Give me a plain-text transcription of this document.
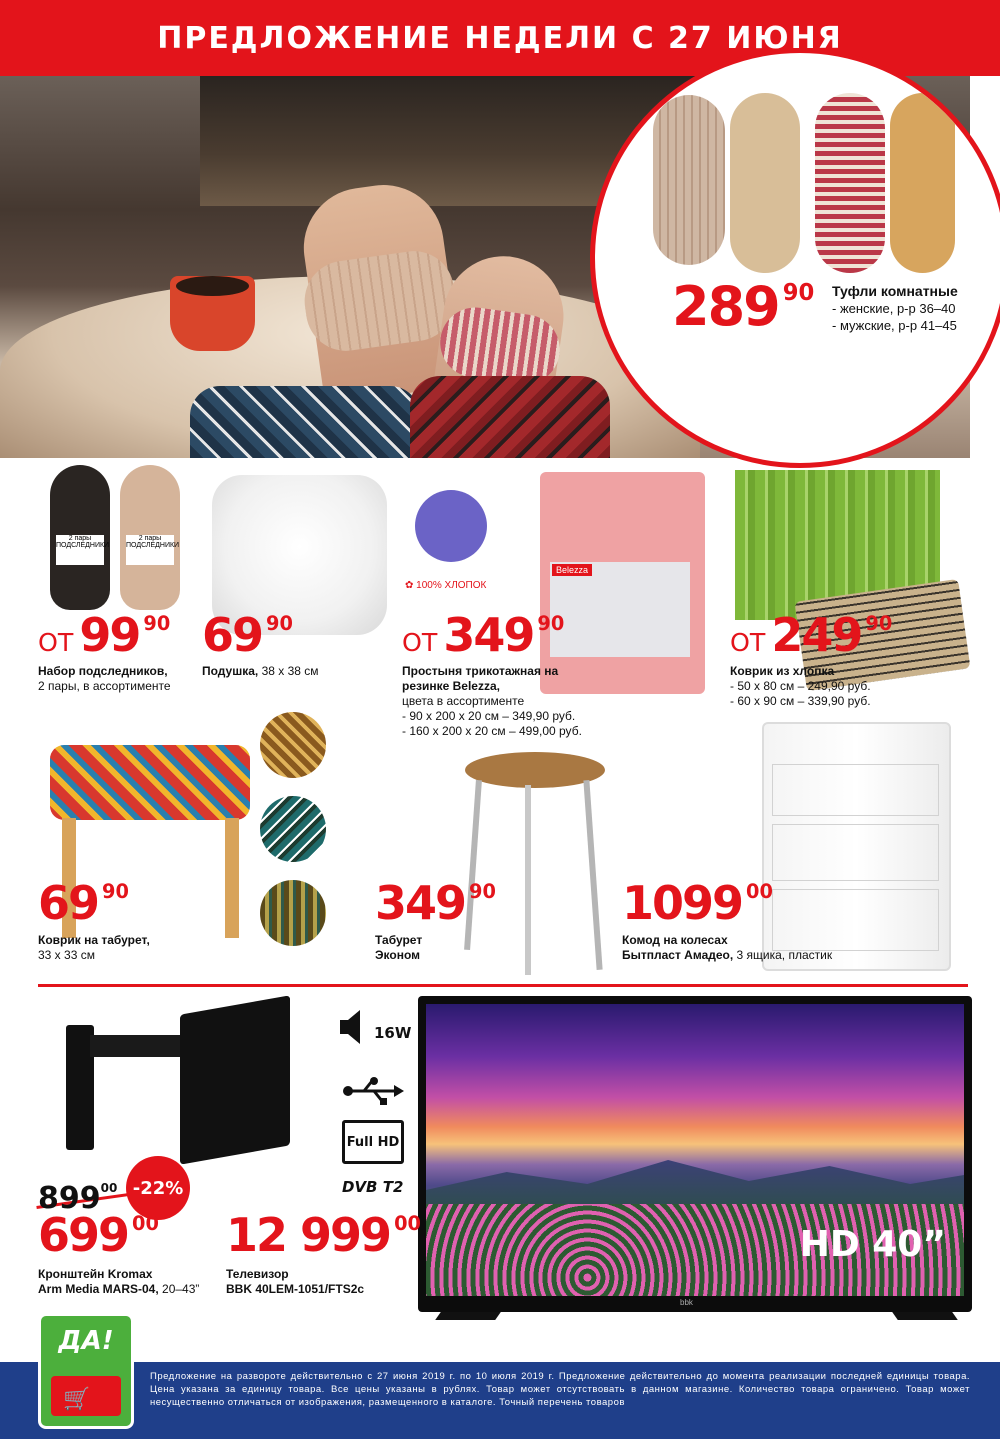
ПРЕДЛОЖЕНИЕ НЕДЕЛИ С 27 ИЮНЯ
289 $^{90}$ Туфли комнатные
- женские, р-р 36–40
- мужские, р-р 41–45
2 пары ПОДСЛЕДНИКИ
2 пары ПОДСЛЕДНИКИ
ОТ 99 $^{90}$
Набор подследников,
2 пары, в ассортименте
69 $^{90}$
Подушка, 38 х 38 см
✿ 100% ХЛОПОК
Belezza
ОТ 349 $^{90}$
Простыня трикотажная на резинке Belezza,
цвета в ассортименте
- 90 х 200 х 20 см – 349,90 руб.
- 160 х 200 х 20 см – 499,00 руб.
ОТ 249 $^{90}$
Коврик из хлопка
- 50 х 80 см – 249,90 руб.
- 60 х 90 см – 339,90 руб.
69 $^{90}$
Коврик на табурет,
33 х 33 см
349 $^{90}$
Табурет
Эконом
1099 $^{00}$
Комод на колесах
Бытпласт Амадео, 3 ящика, пластик
$899^{00}$ -22%
699 $^{00}$
Кронштейн Kromax
Arm Media MARS-04, 20–43”
16W
Full HD
DVB T2
HD 40”
bbk
12 999 $^{00}$
Телевизор
BBK 40LEM-1051/FTS2c
Предложение на развороте действительно с 27 июня 2019 г. по 10 июля 2019 г. Предложение действительно до момента реализации последней единицы товара. Цена указана за единицу товара. Все цены указаны в рублях. Товар может отсутствовать в данном магазине. Количество товара ограничено. Товар может несущественно отличаться от изображения, размещенного в каталоге. Точный перечень товаров
ДА!
🛒
